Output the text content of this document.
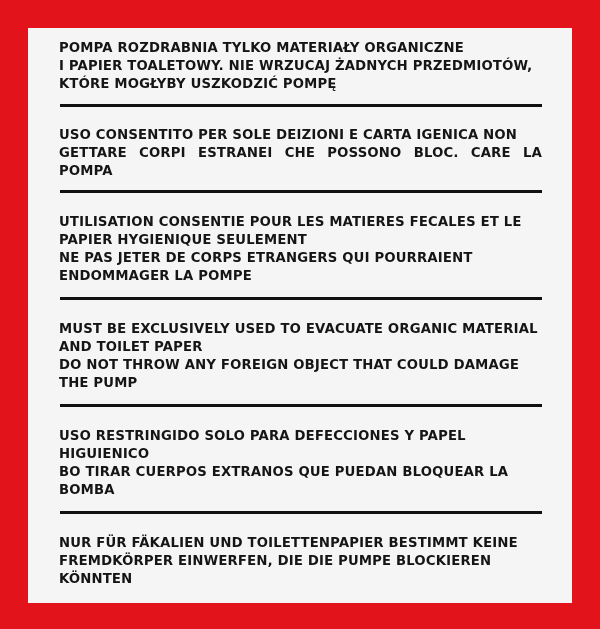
POMPA ROZDRABNIA TYLKO MATERIAŁY ORGANICZNE

I PAPIER TOALETOWY. NIE WRZUCAJ ŻADNYCH PRZEDMIOTÓW,

KTÓRE MOGŁYBY USZKODZIĆ POMPĘ

USO CONSENTITO PER SOLE DEIZIONI E CARTA IGENICA NON

GETTARE CORPI ESTRANEI CHE POSSONO BLOC. CARE LA POMPA

UTILISATION CONSENTIE POUR LES MATIERES FECALES ET LE

PAPIER HYGIENIQUE SEULEMENT

NE PAS JETER DE CORPS ETRANGERS QUI POURRAIENT

ENDOMMAGER LA POMPE

MUST BE EXCLUSIVELY USED TO EVACUATE ORGANIC MATERIAL

AND TOILET PAPER

DO NOT THROW ANY FOREIGN OBJECT THAT COULD DAMAGE

THE PUMP

USO RESTRINGIDO SOLO PARA DEFECCIONES Y PAPEL

HIGUIENICO

BO TIRAR CUERPOS EXTRANOS QUE PUEDAN BLOQUEAR LA

BOMBA

NUR FÜR FÄKALIEN UND TOILETTENPAPIER BESTIMMT KEINE

FREMDKÖRPER EINWERFEN, DIE DIE PUMPE BLOCKIEREN

KÖNNTEN
